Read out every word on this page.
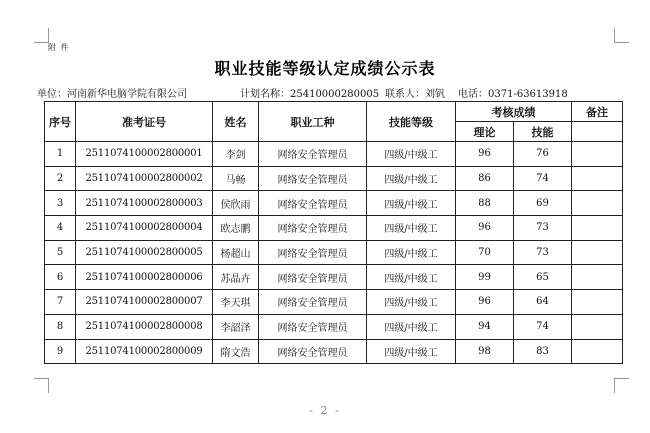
附 件
职业技能等级认定成绩公示表
单位：河南新华电脑学院有限公司	计划名称：25410000280005 联系人：刘钒 电话：0371-63613918
序号	准考证号	姓名	职业工种	技能等级	考核成绩		备注
					理论	技能	
1	2511074100002800001	李剑	网络安全管理员	四级/中级工	96	76	
2	2511074100002800002	马畅	网络安全管理员	四级/中级工	86	74	
3	2511074100002800003	侯欣雨	网络安全管理员	四级/中级工	88	69	
4	2511074100002800004	欧志鹏	网络安全管理员	四级/中级工	96	73	
5	2511074100002800005	杨超山	网络安全管理员	四级/中级工	70	73	
6	2511074100002800006	苏晶卉	网络安全管理员	四级/中级工	99	65	
7	2511074100002800007	李天琪	网络安全管理员	四级/中级工	96	64	
8	2511074100002800008	李韶泽	网络安全管理员	四级/中级工	94	74	
9	2511074100002800009	隋文浩	网络安全管理员	四级/中级工	98	83	
- 2 -
